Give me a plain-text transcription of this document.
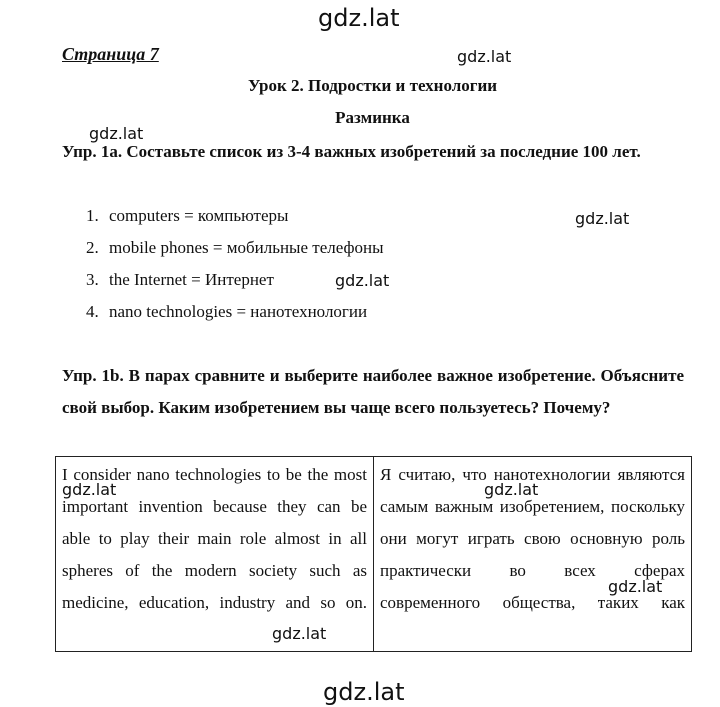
gdz.lat
Страница 7	gdz.lat
Урок 2. Подростки и технологии
Разминка
gdz.lat
Упр. 1a. Составьте список из 3-4 важных изобретений за последние 100 лет.
1. computers = компьютеры
2. mobile phones = мобильные телефоны
3. the Internet = Интернет
4. nano technologies = нанотехнологии
gdz.lat
gdz.lat
Упр. 1b. В парах сравните и выберите наиболее важное изобретение. Объясните свой выбор. Каким изобретением вы чаще всего пользуетесь? Почему?
I consider nano technologies to be the most important invention because they can be able to play their main role almost in all spheres of the modern society such as medicine, education, industry and so on.	Я считаю, что нанотехнологии являются самым важным изобретением, поскольку они могут играть свою основную роль практически во всех сферах современного общества, таких как
gdz.lat	gdz.lat
gdz.lat
gdz.lat
gdz.lat
